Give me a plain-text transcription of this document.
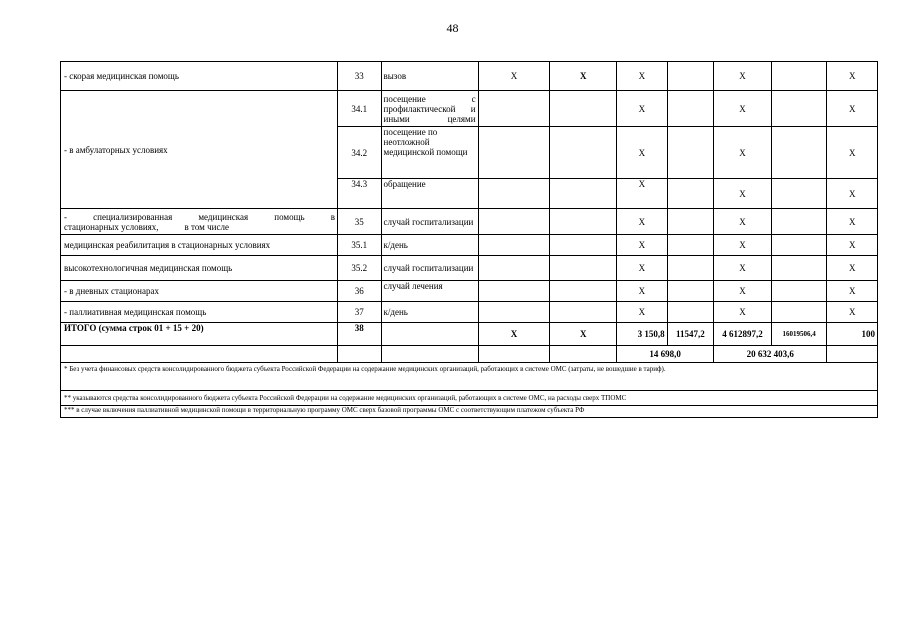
48
- скорая медицинская помощь	33	вызов	X	X	X		X		X
- в амбулаторных условиях	34.1	посещение с профилактической и иными целями			X		X		X
	34.2	посещение по неотложной медицинской помощи			X		X		X
	34.3	обращение			X		X		X

- специализированная медицинская помощь в
стационарных условиях, в том числе	35	случай госпитализации			X		X		X
медицинская реабилитация в стационарных условиях	35.1	к/день			X		X		X
высокотехнологичная медицинская помощь	35.2	случай госпитализации			X		X		X
- в дневных стационарах	36	случай лечения			X		X		X
- паллиативная медицинская помощь	37	к/день			X		X		X
ИТОГО (сумма строк 01 + 15 + 20)	38		X	X	3 150,8	11547,2	4 612897,2	16019506,4	100
					14 698,0		20 632 403,6		
* Без учета финансовых средств консолидированного бюджета субъекта Российской Федерации на содержание медицинских организаций, работающих в системе ОМС (затраты, не вошедшие в тариф).									
** указываются средства консолидированного бюджета субъекта Российской Федерации на содержание медицинских организаций, работающих в системе ОМС, на расходы сверх ТПОМС									
*** в случае включения паллиативной медицинской помощи в территориальную программу ОМС сверх базовой программы ОМС с соответствующим платежом субъекта РФ									
